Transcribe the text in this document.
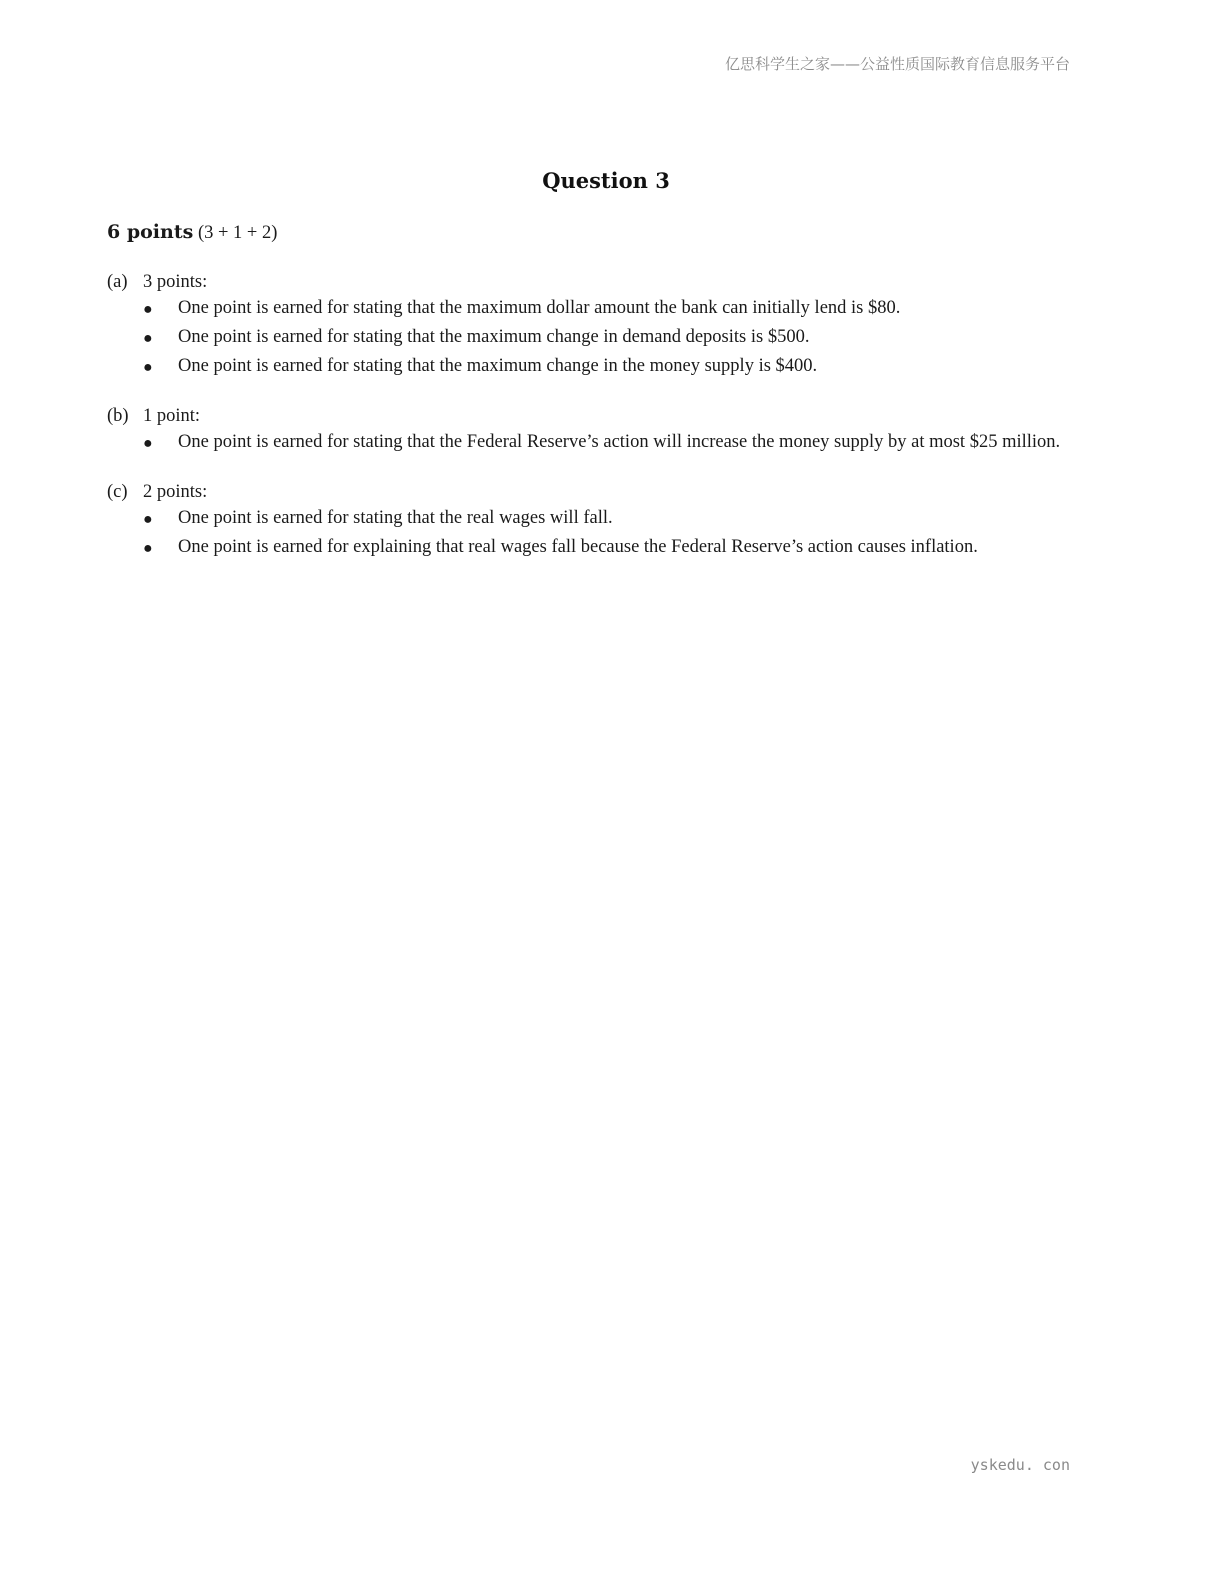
亿思科学生之家——公益性质国际教育信息服务平台
Question 3
6 points (3 + 1 + 2)
(a) 3 points:
●	One point is earned for stating that the maximum dollar amount the bank can initially lend is $80.
●	One point is earned for stating that the maximum change in demand deposits is $500.
●	One point is earned for stating that the maximum change in the money supply is $400.
(b) 1 point:
●	One point is earned for stating that the Federal Reserve’s action will increase the money supply by at most $25 million.
(c) 2 points:
●	One point is earned for stating that the real wages will fall.
●	One point is earned for explaining that real wages fall because the Federal Reserve’s action causes inflation.
yskedu. con
